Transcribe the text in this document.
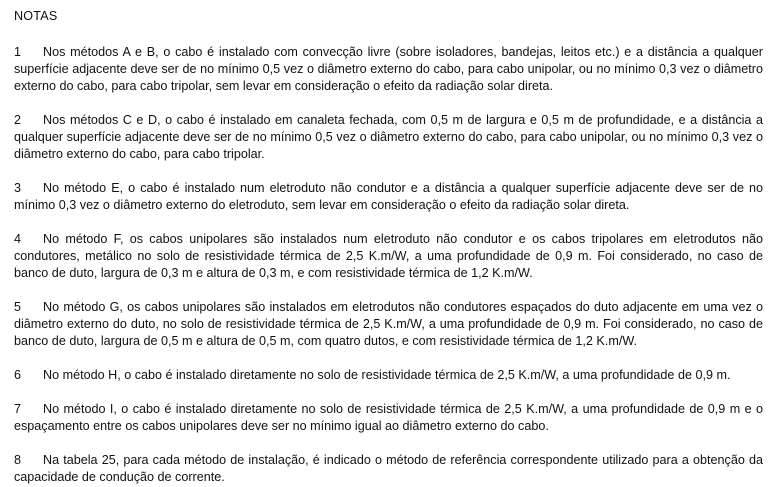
NOTAS

1 Nos métodos A e B, o cabo é instalado com convecção livre (sobre isoladores, bandejas, leitos etc.) e a distância a qualquer superfície adjacente deve ser de no mínimo 0,5 vez o diâmetro externo do cabo, para cabo unipolar, ou no mínimo 0,3 vez o diâmetro externo do cabo, para cabo tripolar, sem levar em consideração o efeito da radiação solar direta.

2 Nos métodos C e D, o cabo é instalado em canaleta fechada, com 0,5 m de largura e 0,5 m de profundidade, e a distância a qualquer superfície adjacente deve ser de no mínimo 0,5 vez o diâmetro externo do cabo, para cabo unipolar, ou no mínimo 0,3 vez o diâmetro externo do cabo, para cabo tripolar.

3 No método E, o cabo é instalado num eletroduto não condutor e a distância a qualquer superfície adjacente deve ser de no mínimo 0,3 vez o diâmetro externo do eletroduto, sem levar em consideração o efeito da radiação solar direta.

4 No método F, os cabos unipolares são instalados num eletroduto não condutor e os cabos tripolares em eletrodutos não condutores, metálico no solo de resistividade térmica de 2,5 K.m/W, a uma profundidade de 0,9 m. Foi considerado, no caso de banco de duto, largura de 0,3 m e altura de 0,3 m, e com resistividade térmica de 1,2 K.m/W.

5 No método G, os cabos unipolares são instalados em eletrodutos não condutores espaçados do duto adjacente em uma vez o diâmetro externo do duto, no solo de resistividade térmica de 2,5 K.m/W, a uma profundidade de 0,9 m. Foi considerado, no caso de banco de duto, largura de 0,5 m e altura de 0,5 m, com quatro dutos, e com resistividade térmica de 1,2 K.m/W.

6 No método H, o cabo é instalado diretamente no solo de resistividade térmica de 2,5 K.m/W, a uma profundidade de 0,9 m.

7 No método I, o cabo é instalado diretamente no solo de resistividade térmica de 2,5 K.m/W, a uma profundidade de 0,9 m e o espaçamento entre os cabos unipolares deve ser no mínimo igual ao diâmetro externo do cabo.

8 Na tabela 25, para cada método de instalação, é indicado o método de referência correspondente utilizado para a obtenção da capacidade de condução de corrente.
